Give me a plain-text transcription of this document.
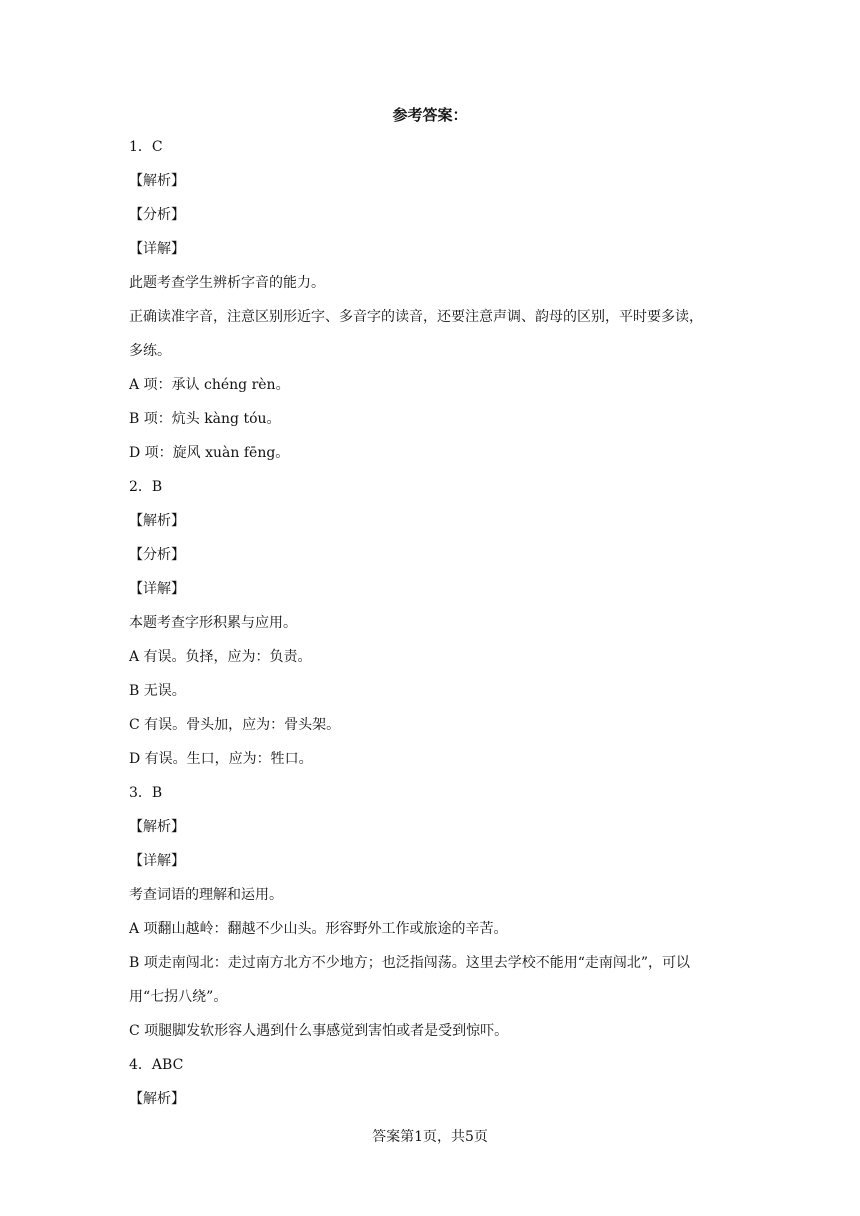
参考答案：
1．C
【解析】
【分析】
【详解】
此题考查学生辨析字音的能力。
正确读准字音，注意区别形近字、多音字的读音，还要注意声调、韵母的区别，平时要多读，
多练。
A 项：承认 chéng rèn。
B 项：炕头 kàng tóu。
D 项：旋风 xuàn fēng。
2．B
【解析】
【分析】
【详解】
本题考查字形积累与应用。
A 有误。负择，应为：负责。
B 无误。
C 有误。骨头加，应为：骨头架。
D 有误。生口，应为：牲口。
3．B
【解析】
【详解】
考查词语的理解和运用。
A 项翻山越岭：翻越不少山头。形容野外工作或旅途的辛苦。
B 项走南闯北：走过南方北方不少地方；也泛指闯荡。这里去学校不能用“走南闯北”，可以
用“七拐八绕”。
C 项腿脚发软形容人遇到什么事感觉到害怕或者是受到惊吓。
4．ABC
【解析】
答案第1页，共5页
